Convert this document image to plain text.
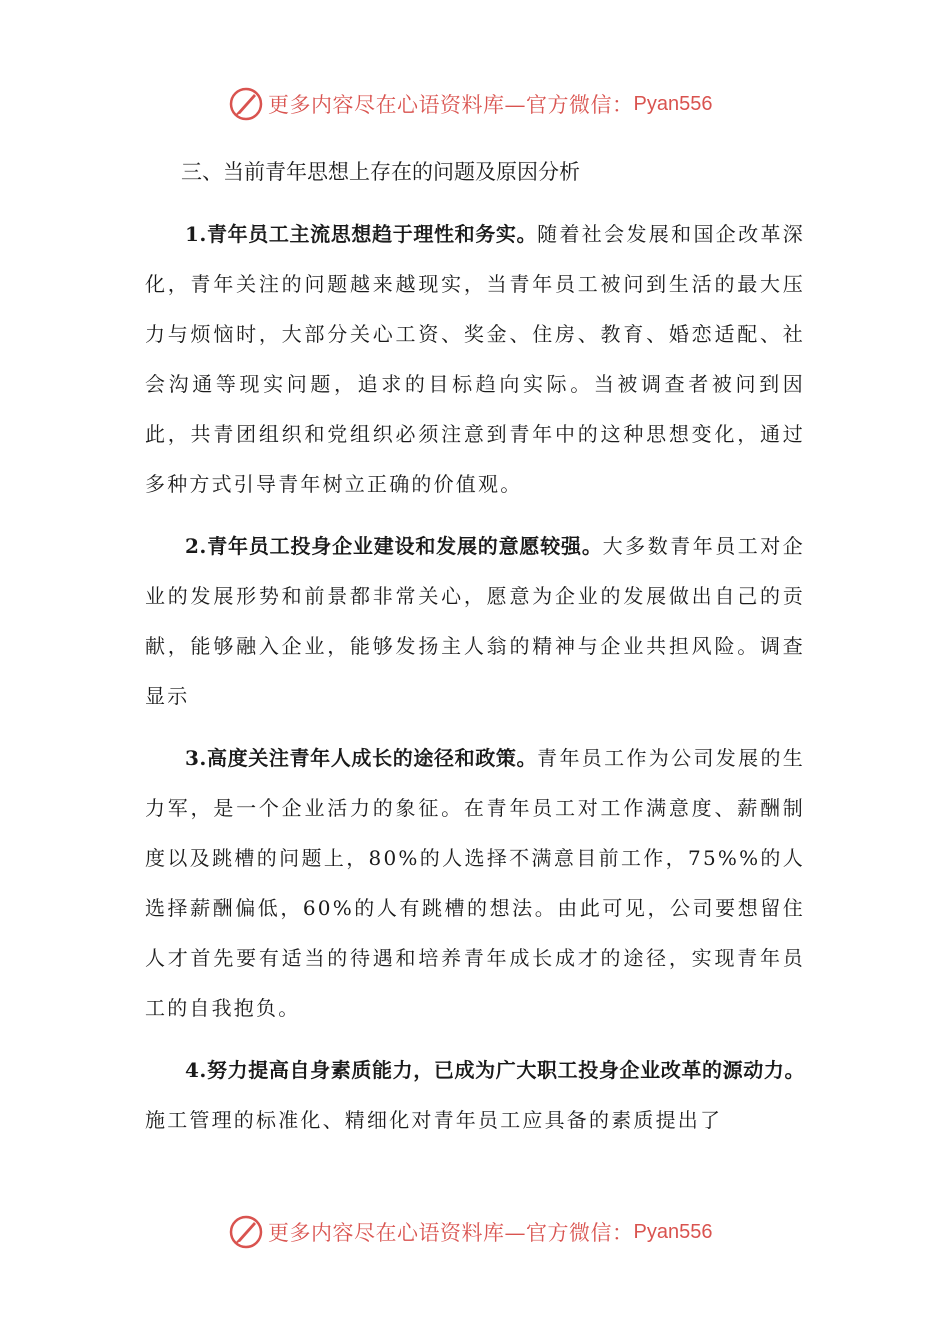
更多内容尽在心语资料库—官方微信： Pyan556
三、当前青年思想上存在的问题及原因分析

1.青年员工主流思想趋于理性和务实。随着社会发展和国企改革深化，青年关注的问题越来越现实，当青年员工被问到生活的最大压力与烦恼时，大部分关心工资、奖金、住房、教育、婚恋适配、社会沟通等现实问题，追求的目标趋向实际。当被调查者被问到因此，共青团组织和党组织必须注意到青年中的这种思想变化，通过多种方式引导青年树立正确的价值观。

2.青年员工投身企业建设和发展的意愿较强。大多数青年员工对企业的发展形势和前景都非常关心，愿意为企业的发展做出自己的贡献，能够融入企业，能够发扬主人翁的精神与企业共担风险。调查显示

3.高度关注青年人成长的途径和政策。青年员工作为公司发展的生力军，是一个企业活力的象征。在青年员工对工作满意度、薪酬制度以及跳槽的问题上，80%的人选择不满意目前工作，75%%的人选择薪酬偏低，60%的人有跳槽的想法。由此可见，公司要想留住人才首先要有适当的待遇和培养青年成长成才的途径，实现青年员工的自我抱负。

4.努力提高自身素质能力，已成为广大职工投身企业改革的源动力。施工管理的标准化、精细化对青年员工应具备的素质提出了

更多内容尽在心语资料库—官方微信： Pyan556
